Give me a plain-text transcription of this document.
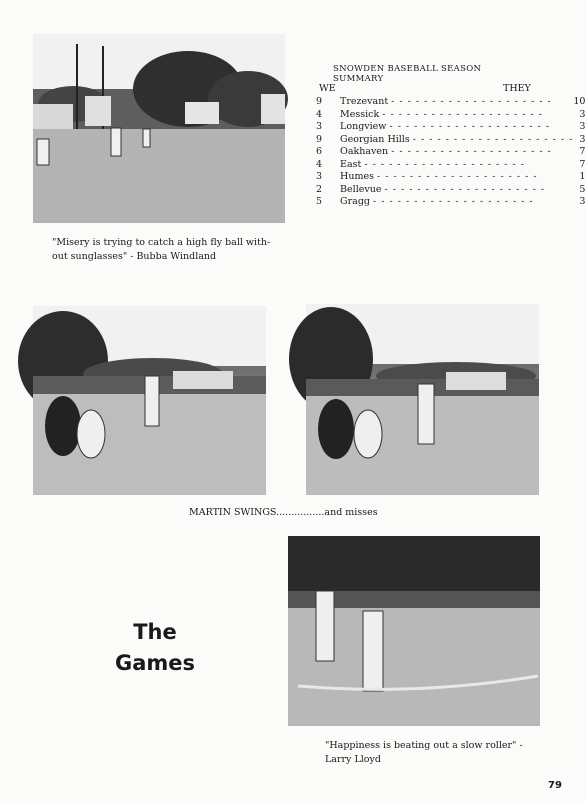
"Misery is trying to catch a high fly ball with-
out sunglasses" - Bubba Windland
SNOWDEN BASEBALL SEASON SUMMARY
WE	THEY
9	Trezevant - - - - - - - - - - - - - - - - - - - -	10
4	Messick - - - - - - - - - - - - - - - - - - - -	3
3	Longview - - - - - - - - - - - - - - - - - - - -	3
9	Georgian Hills - - - - - - - - - - - - - - - - - - - -	3
6	Oakhaven - - - - - - - - - - - - - - - - - - - -	7
4	East - - - - - - - - - - - - - - - - - - - -	7
3	Humes - - - - - - - - - - - - - - - - - - - -	1
2	Bellevue - - - - - - - - - - - - - - - - - - - -	5
5	Gragg - - - - - - - - - - - - - - - - - - - -	3
MARTIN SWINGS................and misses
The
Games
"Happiness is beating out a slow roller" -
Larry Lloyd
79
